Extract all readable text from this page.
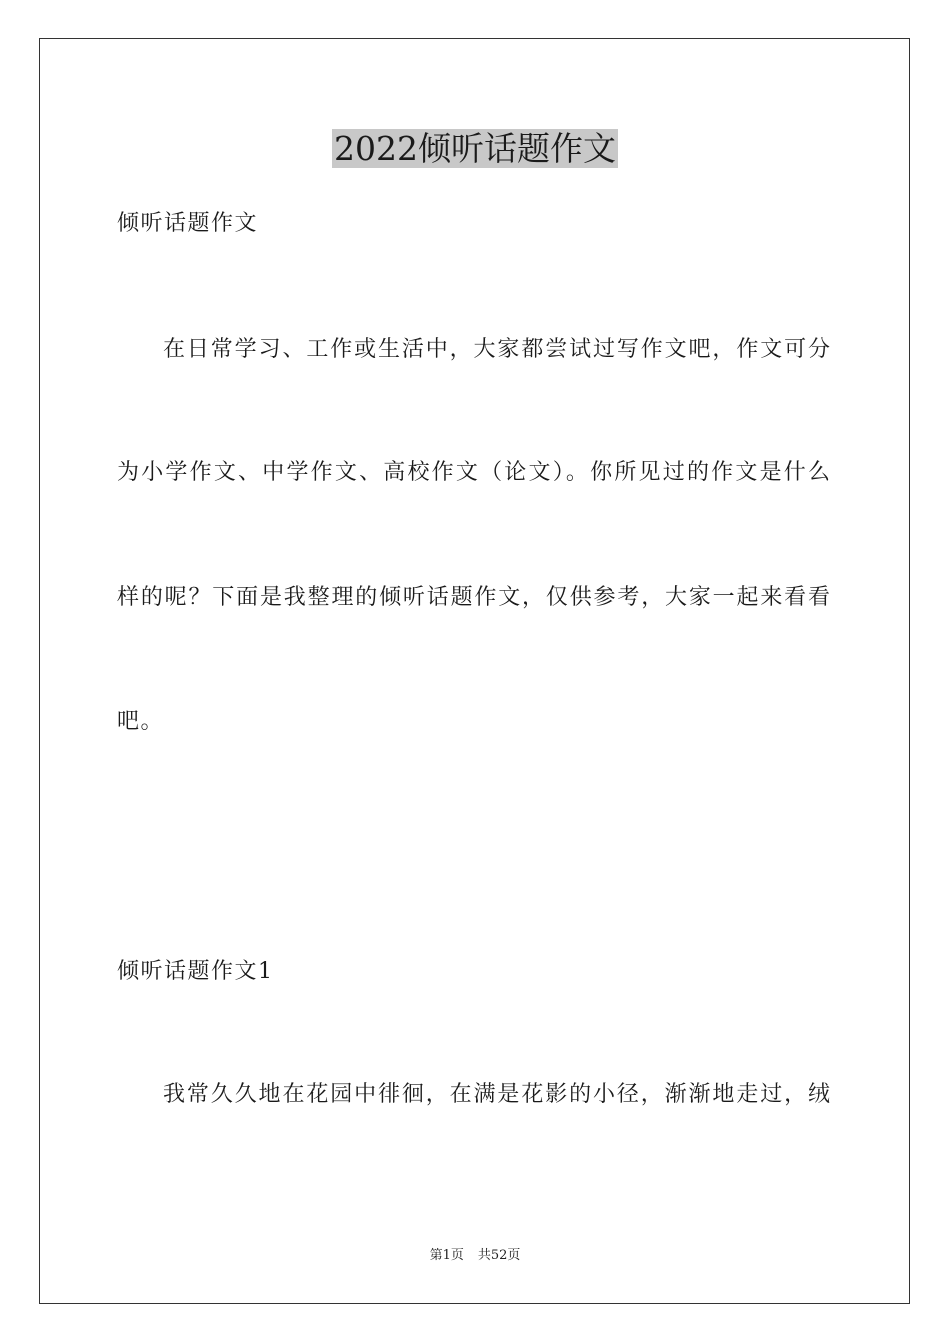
2022倾听话题作文
倾听话题作文
在日常学习、工作或生活中，大家都尝试过写作文吧，作文可分
为小学作文、中学作文、高校作文（论文）。你所见过的作文是什么
样的呢？下面是我整理的倾听话题作文，仅供参考，大家一起来看看
吧。
倾听话题作文1
我常久久地在花园中徘徊，在满是花影的小径，渐渐地走过，绒
第1页 共52页
